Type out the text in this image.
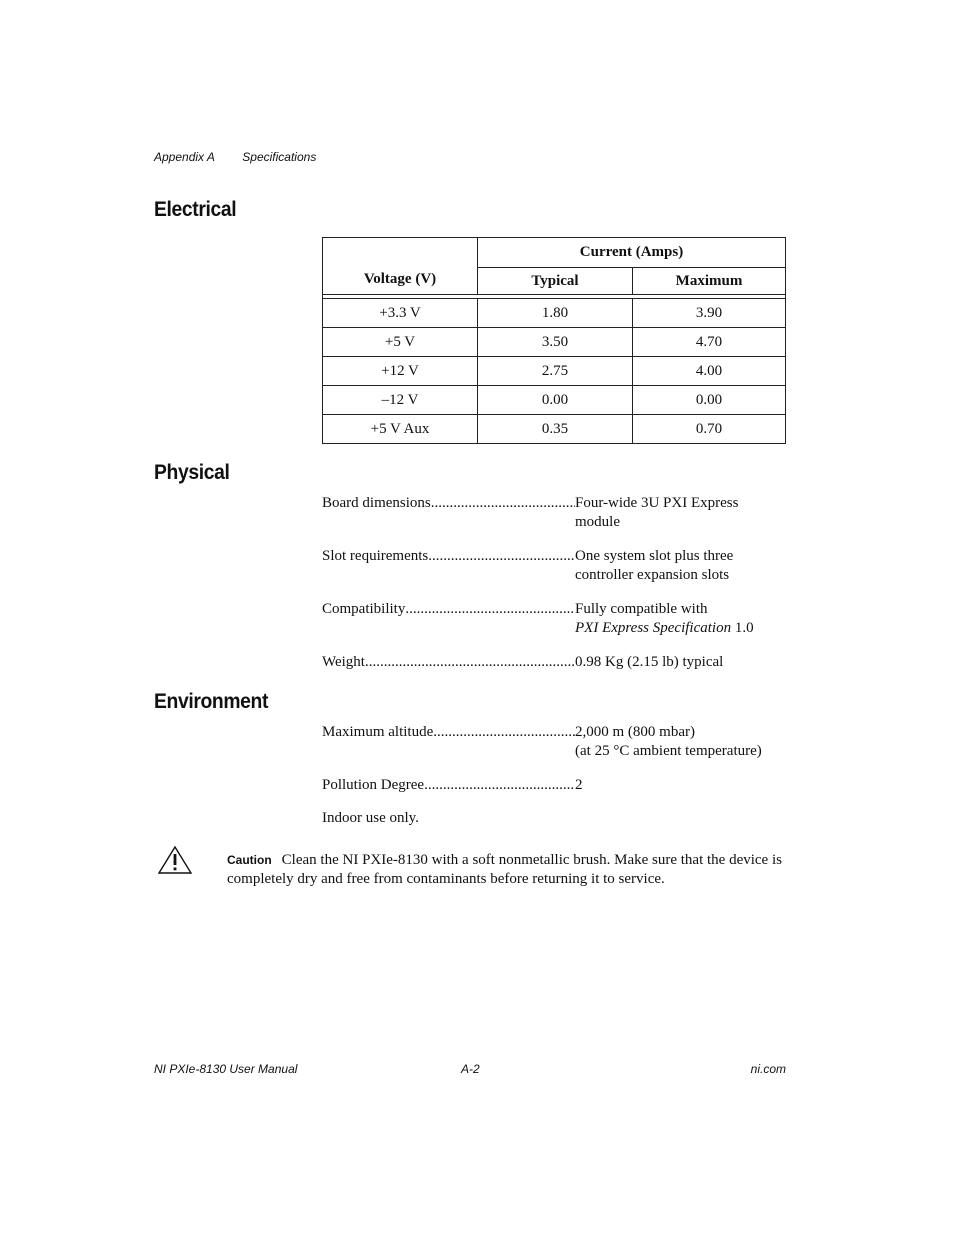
Appendix A Specifications
Electrical
Voltage (V)	Current (Amps)	
	Typical	Maximum

+3.3 V	1.80	3.90
+5 V	3.50	4.70
+12 V	2.75	4.00
–12 V	0.00	0.00
+5 V Aux	0.35	0.70
Physical
Board dimensions .....	Four-wide 3U PXI Express
module
Slot requirements .....	One system slot plus three
controller expansion slots
Compatibility .....	Fully compatible with
PXI Express Specification 1.0
Weight .....	0.98 Kg (2.15 lb) typical
Environment
Maximum altitude .....	2,000 m (800 mbar)
(at 25 °C ambient temperature)
Pollution Degree .....	2
Indoor use only.
Caution Clean the NI PXIe-8130 with a soft nonmetallic brush. Make sure that the device is completely dry and free from contaminants before returning it to service.
NI PXIe-8130 User Manual	A-2	ni.com
